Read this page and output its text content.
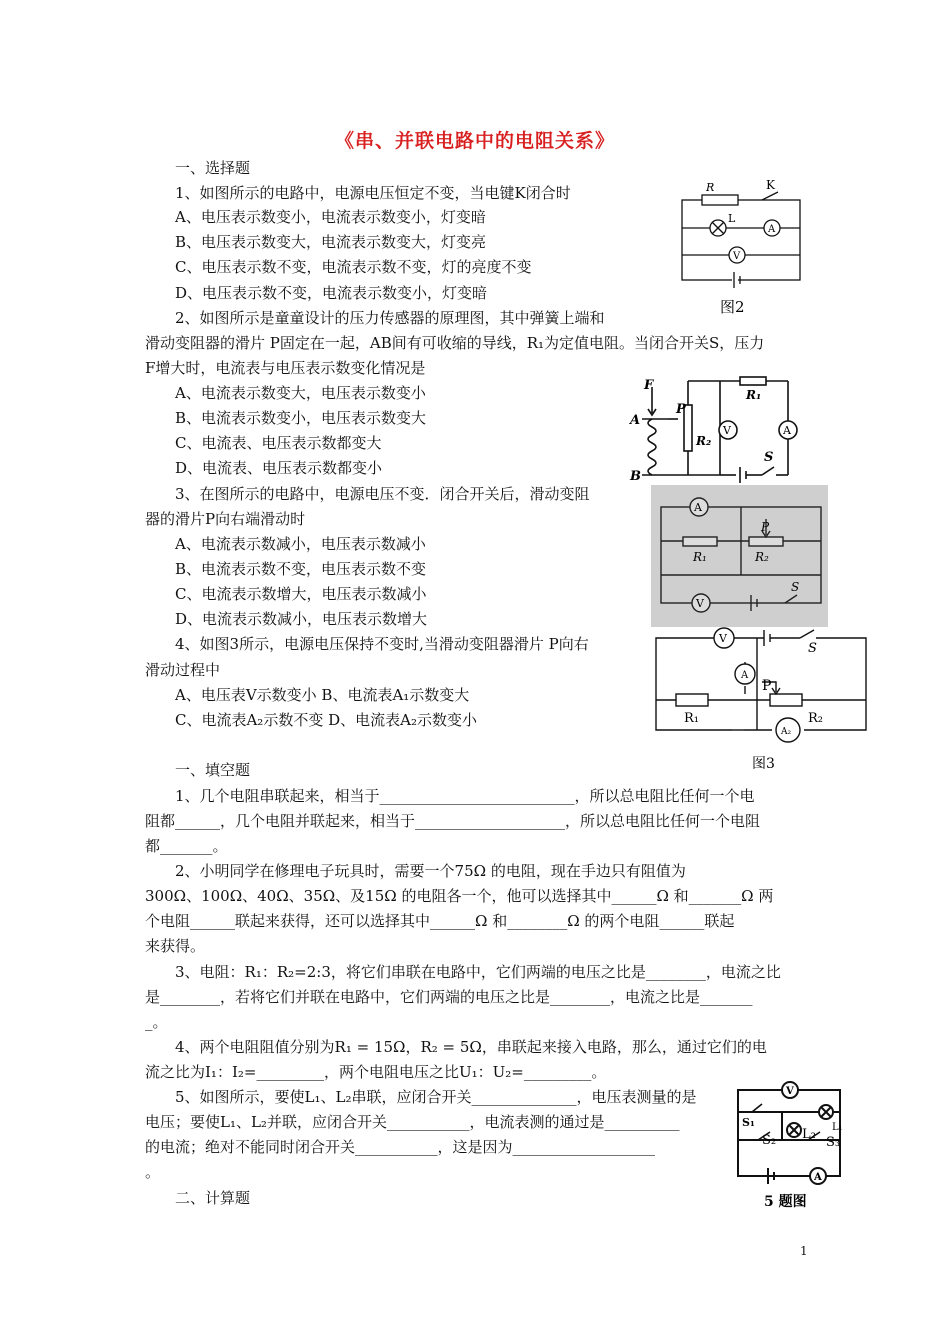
《串、并联电路中的电阻关系》
一、选择题
1、如图所示的电路中，电源电压恒定不变，当电键K闭合时
A、电压表示数变小，电流表示数变小，灯变暗
B、电压表示数变大，电流表示数变大，灯变亮
C、电压表示数不变，电流表示数不变，灯的亮度不变
D、电压表示数不变，电流表示数变小，灯变暗
2、如图所示是童童设计的压力传感器的原理图，其中弹簧上端和
滑动变阻器的滑片 P固定在一起，AB间有可收缩的导线，R₁为定值电阻。当闭合开关S，压力
F增大时，电流表与电压表示数变化情况是
A、电流表示数变大，电压表示数变小
B、电流表示数变小，电压表示数变大
C、电流表、电压表示数都变大
D、电流表、电压表示数都变小
3、在图所示的电路中，电源电压不变．闭合开关后，滑动变阻
器的滑片P向右端滑动时
A、电流表示数减小，电压表示数减小
B、电流表示数不变，电压表示数不变
C、电流表示数增大，电压表示数减小
D、电流表示数减小，电压表示数增大
4、如图3所示，电源电压保持不变时,当滑动变阻器滑片 P向右
滑动过程中
A、电压表V示数变小 B、电流表A₁示数变大
C、电流表A₂示数不变 D、电流表A₂示数变小
一、填空题
1、几个电阻串联起来，相当于__________________________，所以总电阻比任何一个电
阻都______，几个电阻并联起来，相当于____________________，所以总电阻比任何一个电阻
都_______。
2、小明同学在修理电子玩具时，需要一个75Ω 的电阻，现在手边只有阻值为
300Ω、100Ω、40Ω、35Ω、及15Ω 的电阻各一个，他可以选择其中______Ω 和_______Ω 两
个电阻______联起来获得，还可以选择其中______Ω 和________Ω 的两个电阻______联起
来获得。
3、电阻：R₁：R₂=2:3，将它们串联在电路中，它们两端的电压之比是________，电流之比
是________，若将它们并联在电路中，它们两端的电压之比是________，电流之比是_______
_。
4、两个电阻阻值分别为R₁ = 15Ω，R₂ = 5Ω，串联起来接入电路，那么，通过它们的电
流之比为I₁：I₂=_________，两个电阻电压之比U₁：U₂=_________。
5、如图所示，要使L₁、L₂串联，应闭合开关______________，电压表测量的是
电压；要使L₁、L₂并联，应闭合开关___________，电流表测的通过是__________
的电流；绝对不能同时闭合开关___________，这是因为___________________
。
二、计算题
R	K
L
A
V
图2
F
A
B
P
R₁
R₂
V	A
S
A
P
R₁	R₂
V
S
V
S
A
P
R₁
A₂
R₂
图3
V
S₁
S₂ L₂ L₁
S₃
A
5 题图
1
